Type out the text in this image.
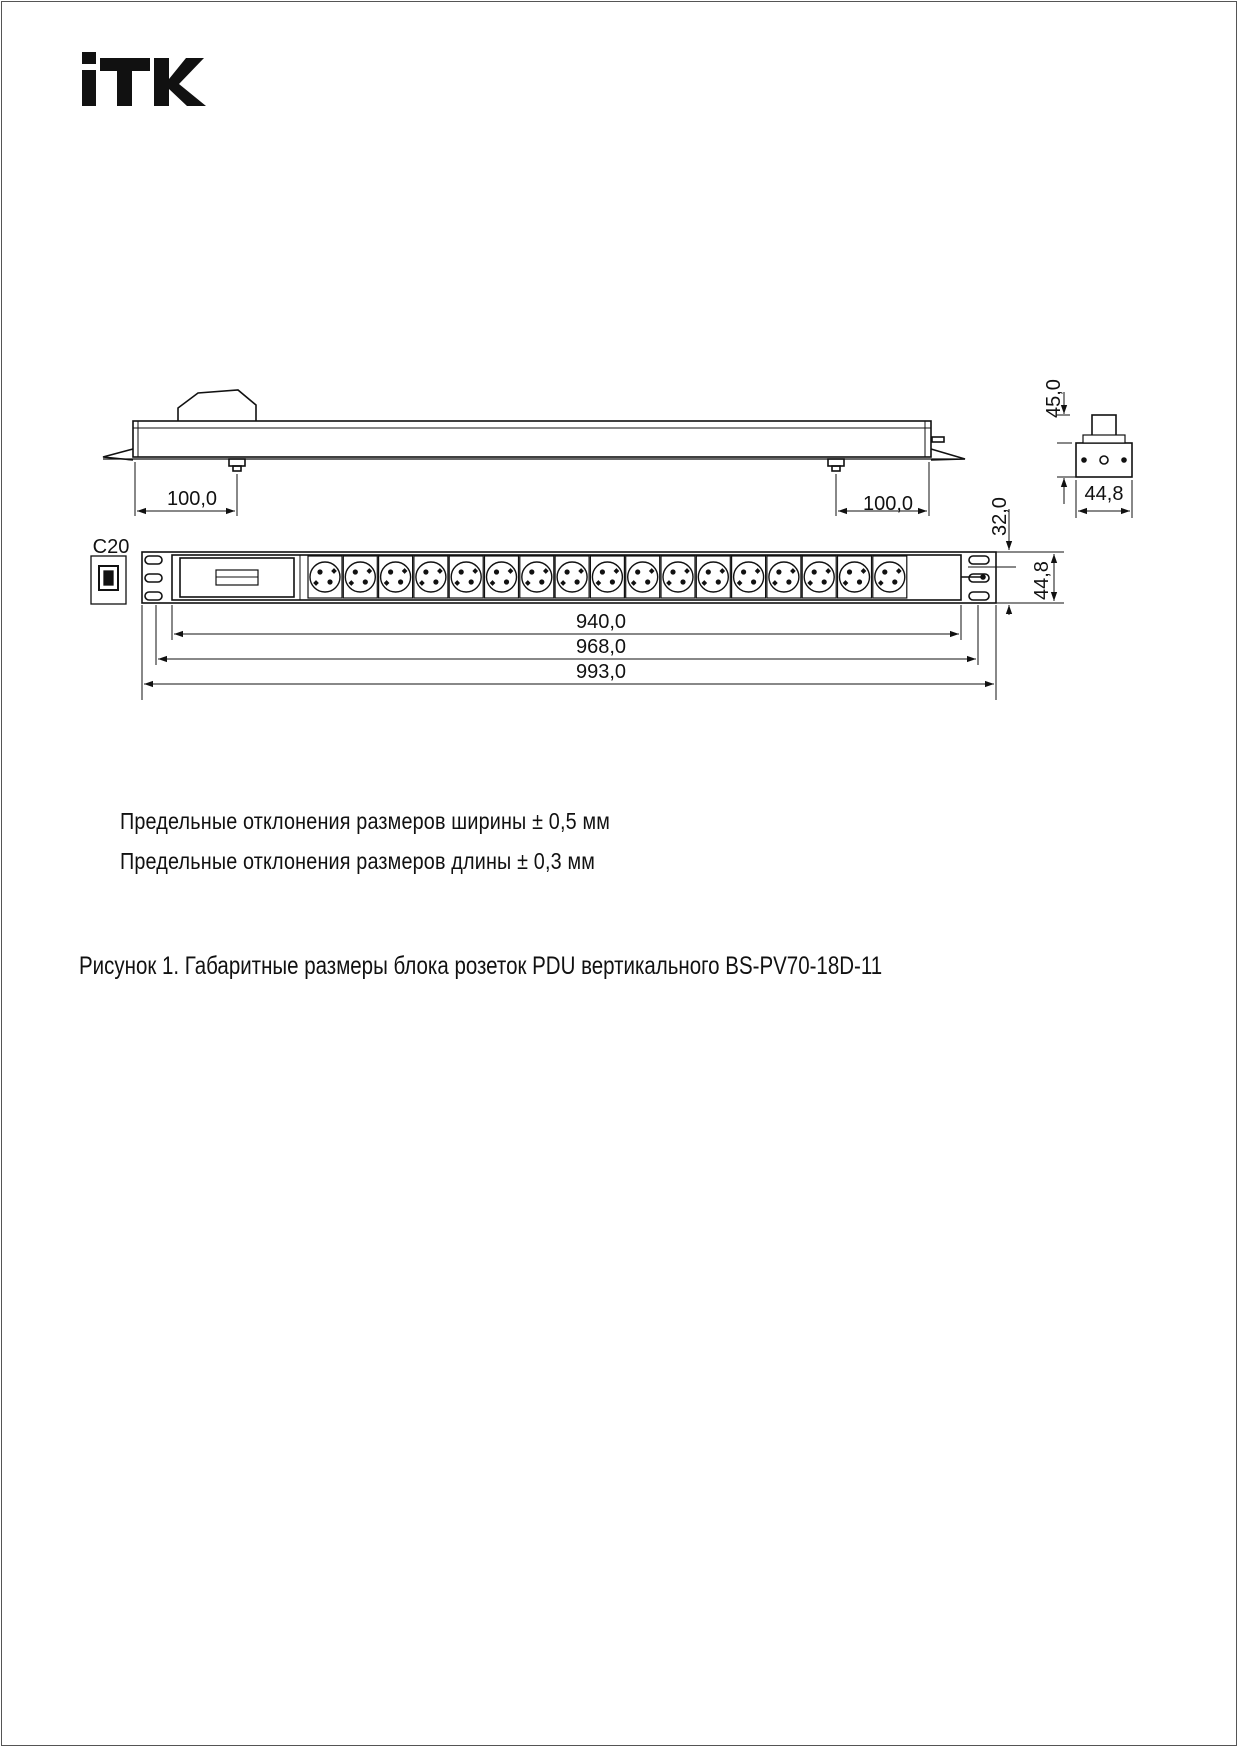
100,0	100,0
45,0
44,8
C20
940,0
968,0
993,0
32,0
44,8
Предельные отклонения размеров ширины ± 0,5 мм
Предельные отклонения размеров длины ± 0,3 мм
Рисунок 1. Габаритные размеры блока розеток PDU вертикального BS-PV70-18D-11
